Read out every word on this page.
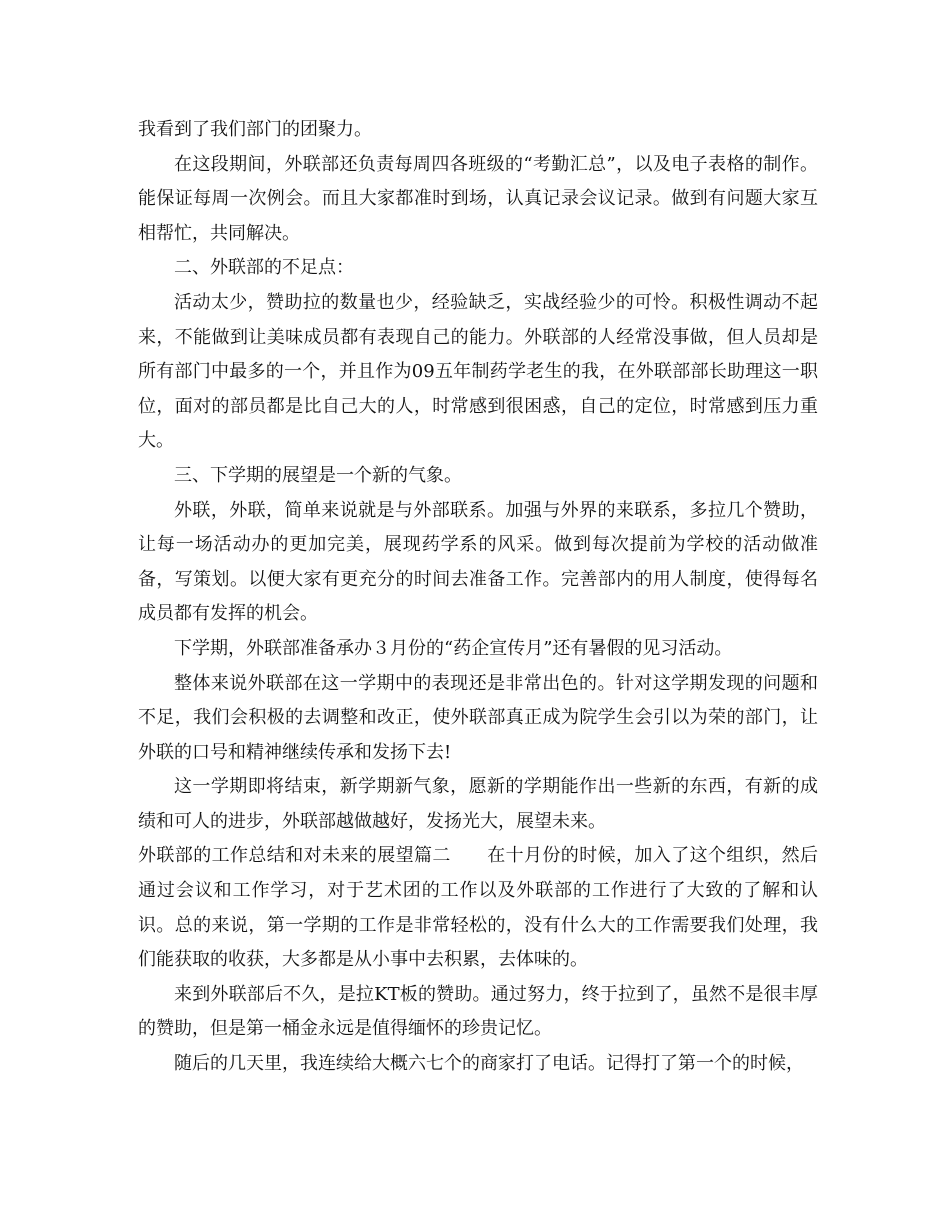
我看到了我们部门的团聚力。

在这段期间，外联部还负责每周四各班级的“考勤汇总”，以及电子表格的制作。能保证每周一次例会。而且大家都准时到场，认真记录会议记录。做到有问题大家互相帮忙，共同解决。

二、外联部的不足点：

活动太少，赞助拉的数量也少，经验缺乏，实战经验少的可怜。积极性调动不起来，不能做到让美味成员都有表现自己的能力。外联部的人经常没事做，但人员却是所有部门中最多的一个，并且作为09五年制药学老生的我，在外联部部长助理这一职位，面对的部员都是比自己大的人，时常感到很困惑，自己的定位，时常感到压力重大。

三、下学期的展望是一个新的气象。

外联，外联，简单来说就是与外部联系。加强与外界的来联系，多拉几个赞助，让每一场活动办的更加完美，展现药学系的风采。做到每次提前为学校的活动做准备，写策划。以便大家有更充分的时间去准备工作。完善部内的用人制度，使得每名成员都有发挥的机会。

下学期，外联部准备承办３月份的“药企宣传月”还有暑假的见习活动。

整体来说外联部在这一学期中的表现还是非常出色的。针对这学期发现的问题和不足，我们会积极的去调整和改正，使外联部真正成为院学生会引以为荣的部门，让外联的口号和精神继续传承和发扬下去!

这一学期即将结束，新学期新气象，愿新的学期能作出一些新的东西，有新的成绩和可人的进步，外联部越做越好，发扬光大，展望未来。

外联部的工作总结和对未来的展望篇二 在十月份的时候，加入了这个组织，然后通过会议和工作学习，对于艺术团的工作以及外联部的工作进行了大致的了解和认识。总的来说，第一学期的工作是非常轻松的，没有什么大的工作需要我们处理，我们能获取的收获，大多都是从小事中去积累，去体味的。

来到外联部后不久，是拉KT板的赞助。通过努力，终于拉到了，虽然不是很丰厚的赞助，但是第一桶金永远是值得缅怀的珍贵记忆。

随后的几天里，我连续给大概六七个的商家打了电话。记得打了第一个的时候，
